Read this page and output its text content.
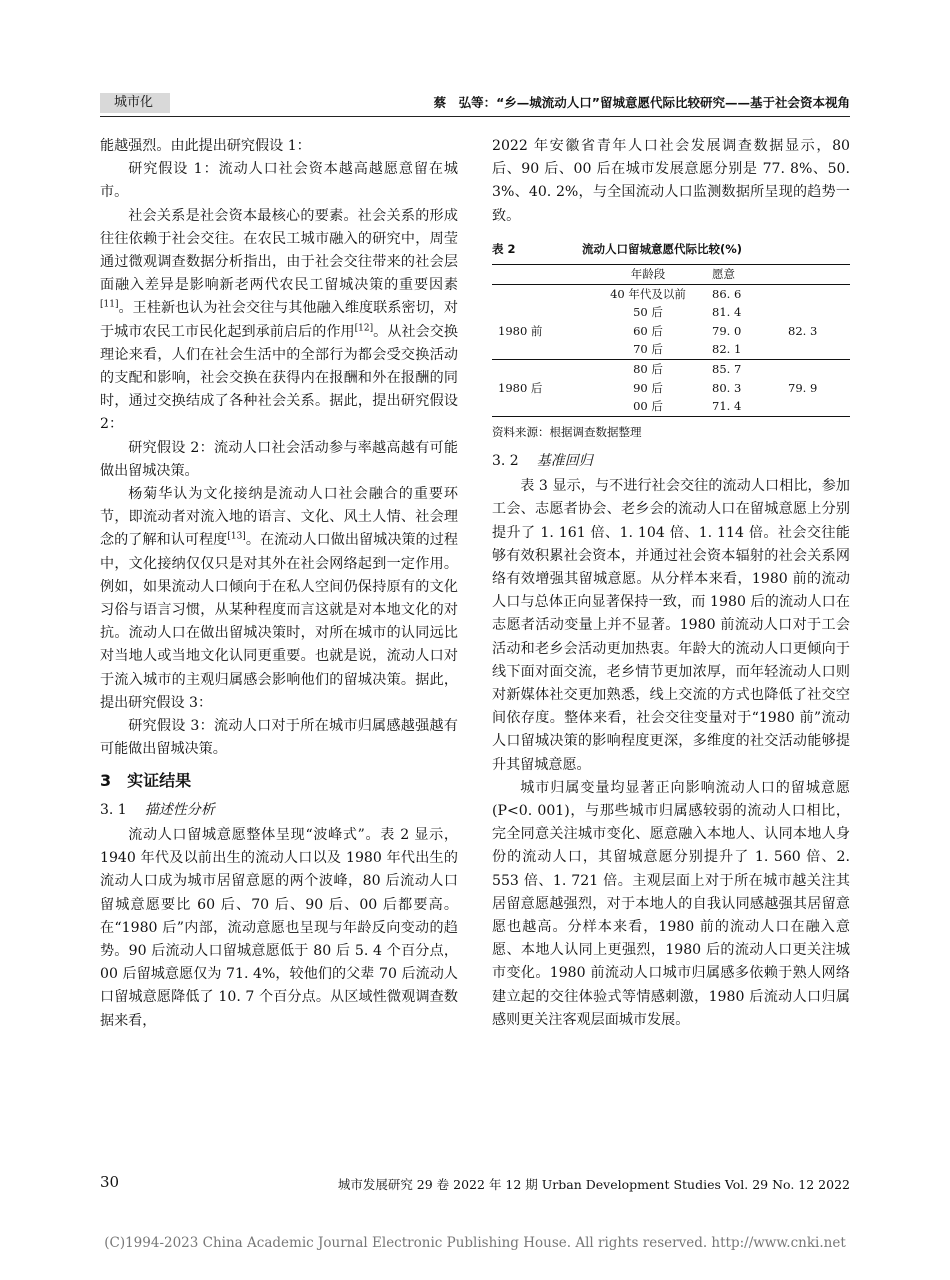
城市化	蔡　弘等：“乡—城流动人口”留城意愿代际比较研究——基于社会资本视角

能越强烈。由此提出研究假设 1：

研究假设 1：流动人口社会资本越高越愿意留在城市。

社会关系是社会资本最核心的要素。社会关系的形成往往依赖于社会交往。在农民工城市融入的研究中，周莹通过微观调查数据分析指出，由于社会交往带来的社会层面融入差异是影响新老两代农民工留城决策的重要因素[11]。王桂新也认为社会交往与其他融入维度联系密切，对于城市农民工市民化起到承前启后的作用[12]。从社会交换理论来看，人们在社会生活中的全部行为都会受交换活动的支配和影响，社会交换在获得内在报酬和外在报酬的同时，通过交换结成了各种社会关系。据此，提出研究假设 2：

研究假设 2：流动人口社会活动参与率越高越有可能做出留城决策。

杨菊华认为文化接纳是流动人口社会融合的重要环节，即流动者对流入地的语言、文化、风土人情、社会理念的了解和认可程度[13]。在流动人口做出留城决策的过程中，文化接纳仅仅只是对其外在社会网络起到一定作用。例如，如果流动人口倾向于在私人空间仍保持原有的文化习俗与语言习惯，从某种程度而言这就是对本地文化的对抗。流动人口在做出留城决策时，对所在城市的认同远比对当地人或当地文化认同更重要。也就是说，流动人口对于流入城市的主观归属感会影响他们的留城决策。据此，提出研究假设 3：

研究假设 3：流动人口对于所在城市归属感越强越有可能做出留城决策。

3　实证结果
3. 1 描述性分析

流动人口留城意愿整体呈现“波峰式”。表 2 显示，1940 年代及以前出生的流动人口以及 1980 年代出生的流动人口成为城市居留意愿的两个波峰，80 后流动人口留城意愿要比 60 后、70 后、90 后、00 后都要高。在“1980 后”内部，流动意愿也呈现与年龄反向变动的趋势。90 后流动人口留城意愿低于 80 后 5. 4 个百分点，00 后留城意愿仅为 71. 4%，较他们的父辈 70 后流动人口留城意愿降低了 10. 7 个百分点。从区域性微观调查数据来看，

2022 年安徽省青年人口社会发展调查数据显示，80 后、90 后、00 后在城市发展意愿分别是 77. 8%、50. 3%、40. 2%，与全国流动人口监测数据所呈现的趋势一致。

表 2	流动人口留城意愿代际比较(%)
	年龄段	愿意	
	40 年代及以前	86. 6	
	50 后	81. 4	
1980 前	60 后	79. 0	82. 3
	70 后	82. 1	
	80 后	85. 7	
1980 后	90 后	80. 3	79. 9
	00 后	71. 4	
资料来源：根据调查数据整理
3. 2 基准回归

表 3 显示，与不进行社会交往的流动人口相比，参加工会、志愿者协会、老乡会的流动人口在留城意愿上分别提升了 1. 161 倍、1. 104 倍、1. 114 倍。社会交往能够有效积累社会资本，并通过社会资本辐射的社会关系网络有效增强其留城意愿。从分样本来看，1980 前的流动人口与总体正向显著保持一致，而 1980 后的流动人口在志愿者活动变量上并不显著。1980 前流动人口对于工会活动和老乡会活动更加热衷。年龄大的流动人口更倾向于线下面对面交流，老乡情节更加浓厚，而年轻流动人口则对新媒体社交更加熟悉，线上交流的方式也降低了社交空间依存度。整体来看，社会交往变量对于“1980 前”流动人口留城决策的影响程度更深，多维度的社交活动能够提升其留城意愿。

城市归属变量均显著正向影响流动人口的留城意愿(P<0. 001)，与那些城市归属感较弱的流动人口相比，完全同意关注城市变化、愿意融入本地人、认同本地人身份的流动人口，其留城意愿分别提升了 1. 560 倍、2. 553 倍、1. 721 倍。主观层面上对于所在城市越关注其居留意愿越强烈，对于本地人的自我认同感越强其居留意愿也越高。分样本来看，1980 前的流动人口在融入意愿、本地人认同上更强烈，1980 后的流动人口更关注城市变化。1980 前流动人口城市归属感多依赖于熟人网络建立起的交往体验式等情感刺激，1980 后流动人口归属感则更关注客观层面城市发展。

30	城市发展研究 29 卷 2022 年 12 期 Urban Development Studies Vol. 29 No. 12 2022
(C)1994-2023 China Academic Journal Electronic Publishing House. All rights reserved. http://www.cnki.net
